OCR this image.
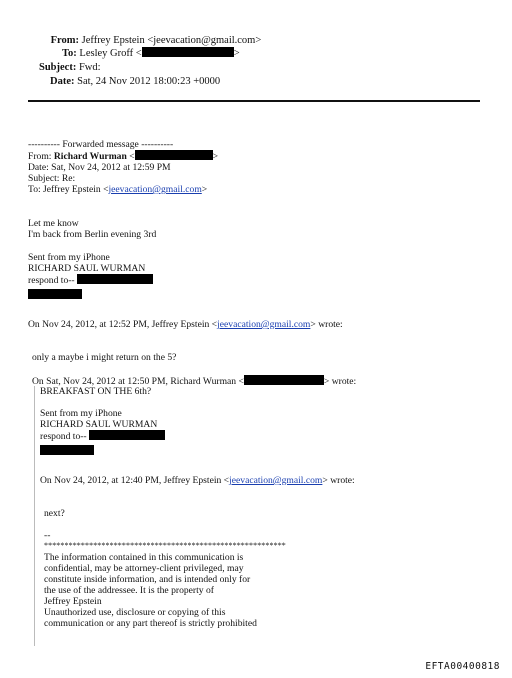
From: Jeffrey Epstein <jeevacation@gmail.com>
To: Lesley Groff <	>
Subject: Fwd:
Date: Sat, 24 Nov 2012 18:00:23 +0000
---------- Forwarded message ----------
From: Richard Wurman <	>
Date: Sat, Nov 24, 2012 at 12:59 PM
Subject: Re:
To: Jeffrey Epstein <jeevacation@gmail.com>
Let me know
I'm back from Berlin evening 3rd
Sent from my iPhone
RICHARD SAUL WURMAN
respond to--
On Nov 24, 2012, at 12:52 PM, Jeffrey Epstein <jeevacation@gmail.com> wrote:
only a maybe i might return on the 5?
On Sat, Nov 24, 2012 at 12:50 PM, Richard Wurman <	> wrote:
BREAKFAST ON THE 6th?
Sent from my iPhone
RICHARD SAUL WURMAN
respond to--
On Nov 24, 2012, at 12:40 PM, Jeffrey Epstein <jeevacation@gmail.com> wrote:
next?
--
***********************************************************
The information contained in this communication is
confidential, may be attorney-client privileged, may
constitute inside information, and is intended only for
the use of the addressee. It is the property of
Jeffrey Epstein
Unauthorized use, disclosure or copying of this
communication or any part thereof is strictly prohibited
EFTA00400818
